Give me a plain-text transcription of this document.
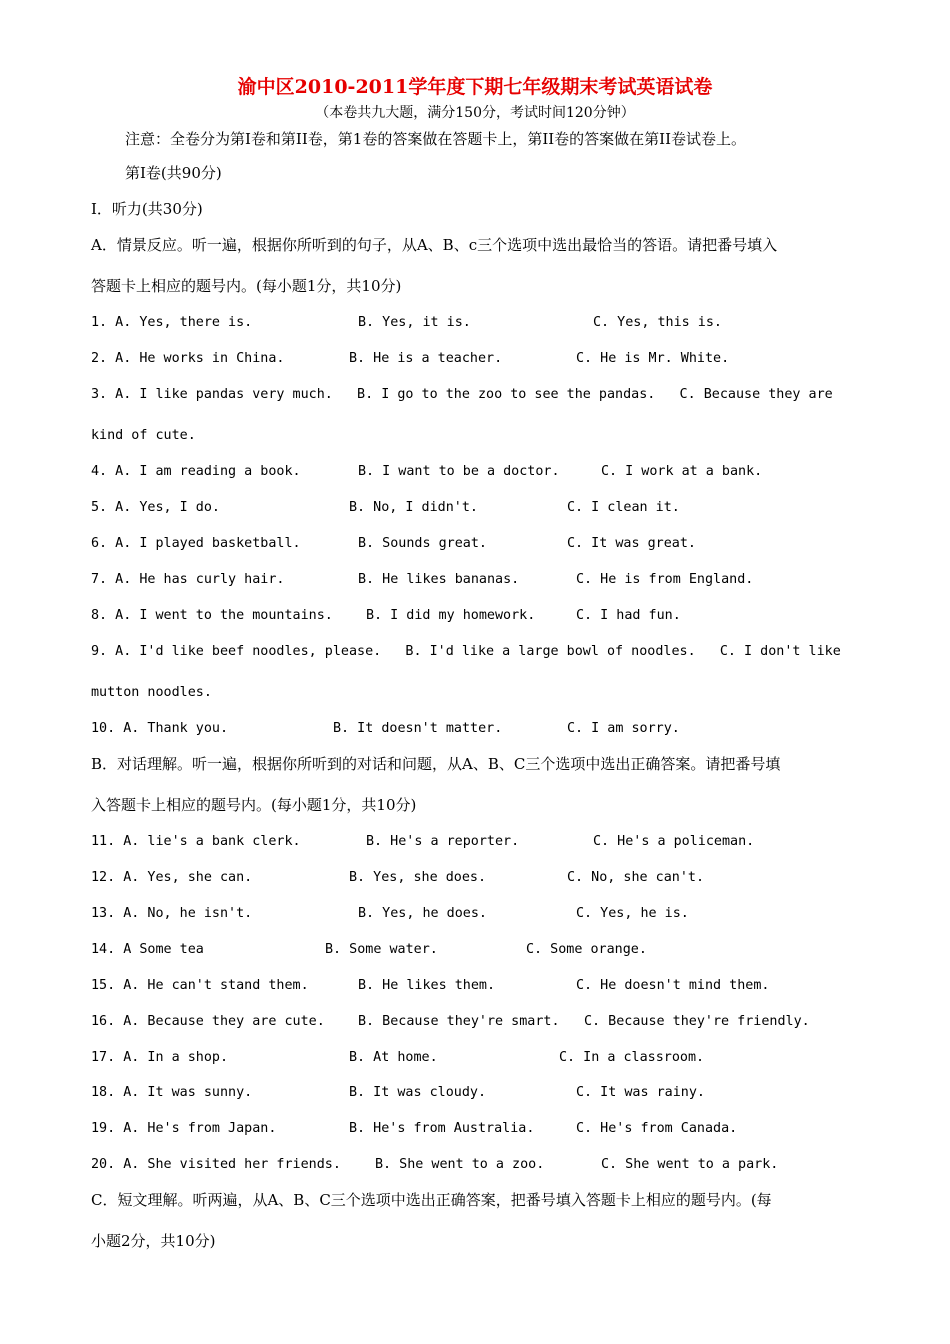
渝中区2010-2011学年度下期七年级期末考试英语试卷
（本卷共九大题，满分150分，考试时间120分钟）
注意：全卷分为第I卷和第II卷，第1卷的答案做在答题卡上，第II卷的答案做在第II卷试卷上。
第I卷(共90分)
I．听力(共30分)
A．情景反应。听一遍，根据你所听到的句子，从A、B、c三个选项中选出最恰当的答语。请把番号填入
答题卡上相应的题号内。(每小题1分，共10分)
1. A. Yes, there is.	B. Yes, it is.	C. Yes, this is.
2. A. He works in China.	B. He is a teacher.	C. He is Mr. White.
3. A. I like pandas very much.   B. I go to the zoo to see the pandas.   C. Because they are
kind of cute.
4. A. I am reading a book.	B. I want to be a doctor.	C. I work at a bank.
5. A. Yes, I do.	B. No, I didn't.	C. I clean it.
6. A. I played basketball.	B. Sounds great.	C. It was great.
7. A. He has curly hair.	B. He likes bananas.	C. He is from England.
8. A. I went to the mountains. B. I did my homework.	C. I had fun.
9. A. I'd like beef noodles, please.   B. I'd like a large bowl of noodles.   C. I don't like
mutton noodles.
10. A. Thank you.	B. It doesn't matter.	C. I am sorry.
B．对话理解。听一遍，根据你所听到的对话和问题，从A、B、C三个选项中选出正确答案。请把番号填
入答题卡上相应的题号内。(每小题1分，共10分)
11. A. lie's a bank clerk.	B. He's a reporter.	C. He's a policeman.
12. A. Yes, she can.	B. Yes, she does.	C. No, she can't.
13. A. No, he isn't.	B. Yes, he does.	C. Yes, he is.
14. A Some tea	B. Some water.	C. Some orange.
15. A. He can't stand them.	B. He likes them.	C. He doesn't mind them.
16. A. Because they are cute. B. Because they're smart. C. Because they're friendly.
17. A. In a shop.	B. At home.	C. In a classroom.
18. A. It was sunny.	B. It was cloudy.	C. It was rainy.
19. A. He's from Japan.	B. He's from Australia.	C. He's from Canada.
20. A. She visited her friends.	B. She went to a zoo.	C. She went to a park.
C．短文理解。听两遍，从A、B、C三个选项中选出正确答案，把番号填入答题卡上相应的题号内。(每
小题2分，共10分)
